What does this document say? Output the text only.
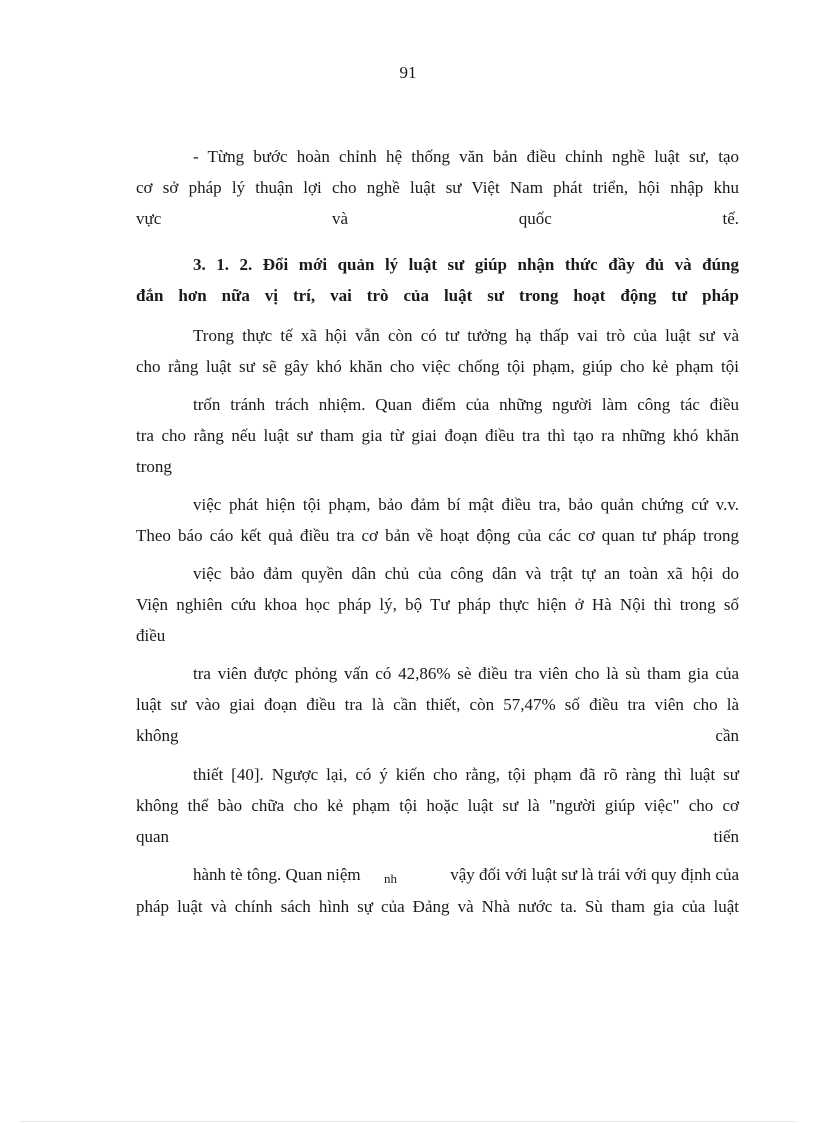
91

- Từng bước hoàn chỉnh hệ thống văn bản điều chỉnh nghề luật sư, tạo

cơ sở pháp lý thuận lợi cho nghề luật sư Việt Nam phát triển, hội nhập khu

vực và quốc tế.

3. 1. 2. Đổi mới quản lý luật sư giúp nhận thức đầy đủ và đúng

đắn hơn nữa vị trí, vai trò của luật sư trong hoạt động tư pháp

Trong thực tế xã hội vẫn còn có tư tưởng hạ thấp vai trò của luật sư và

cho rằng luật sư sẽ gây khó khăn cho việc chống tội phạm, giúp cho kẻ phạm tội

trốn tránh trách nhiệm. Quan điểm của những người làm công tác điều

tra cho rằng nếu luật sư tham gia từ giai đoạn điều tra thì tạo ra những khó khăn

trong

việc phát hiện tội phạm, bảo đảm bí mật điều tra, bảo quản chứng cứ v.v.

Theo báo cáo kết quả điều tra cơ bản về hoạt động của các cơ quan tư pháp trong

việc bảo đảm quyền dân chủ của công dân và trật tự an toàn xã hội do

Viện nghiên cứu khoa học pháp lý, bộ Tư pháp thực hiện ở Hà Nội thì trong số

điều

tra viên được phỏng vấn có 42,86% sè điều tra viên cho là sù tham gia của

luật sư vào giai đoạn điều tra là cần thiết, còn 57,47% số điều tra viên cho là

không cần

thiết [40]. Ngược lại, có ý kiến cho rằng, tội phạm đã rõ ràng thì luật sư

không thể bào chữa cho kẻ phạm tội hoặc luật sư là "người giúp việc" cho cơ

quan tiến

hành tè tông. Quan niệm nh	vậy đối với luật sư là trái với quy định của

pháp luật và chính sách hình sự của Đảng và Nhà nước ta. Sù tham gia của luật
